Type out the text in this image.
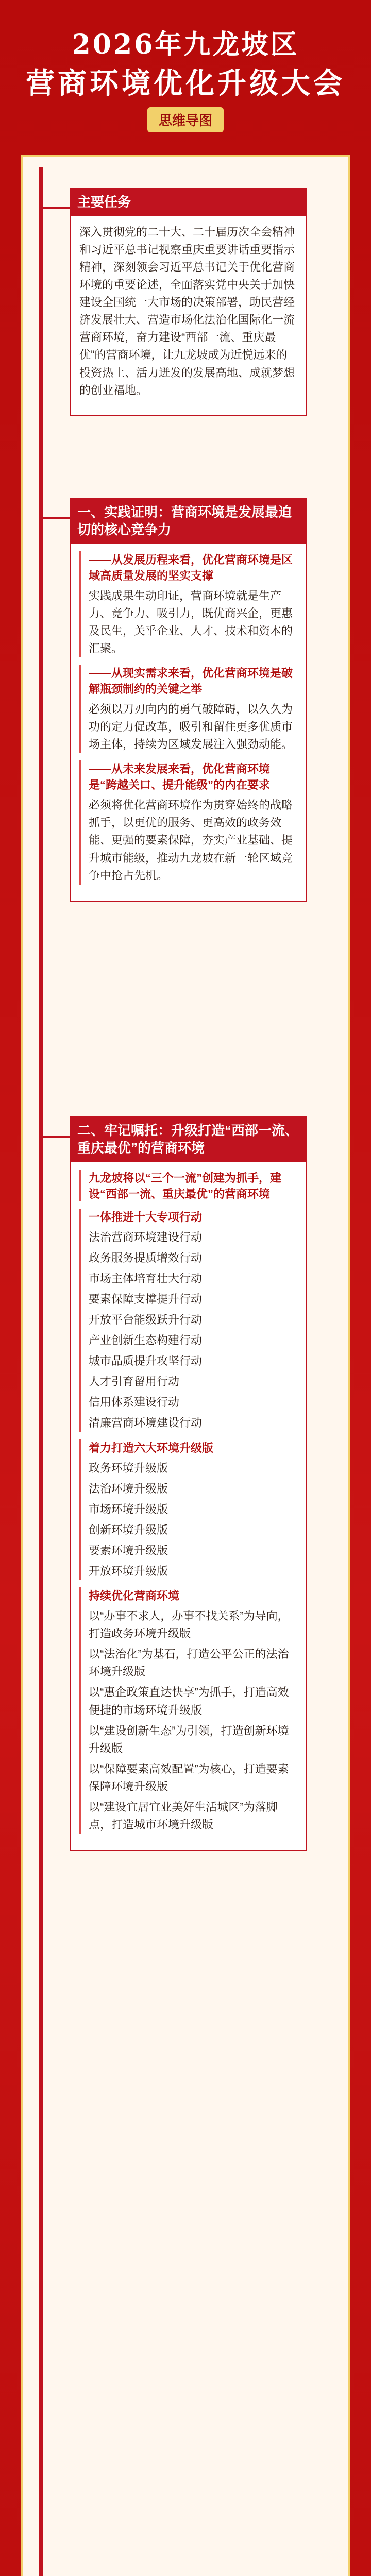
2026年九龙坡区
营商环境优化升级大会
思维导图
主要任务

深入贯彻党的二十大、二十届历次全会精神和习近平总书记视察重庆重要讲话重要指示精神，深刻领会习近平总书记关于优化营商环境的重要论述，全面落实党中央关于加快建设全国统一大市场的决策部署，助民营经济发展壮大、营造市场化法治化国际化一流营商环境，奋力建设“西部一流、重庆最优”的营商环境，让九龙坡成为近悦远来的投资热土、活力迸发的发展高地、成就梦想的创业福地。

一、实践证明：营商环境是发展最迫切的核心竞争力
——从发展历程来看，优化营商环境是区域高质量发展的坚实支撑
实践成果生动印证，营商环境就是生产力、竞争力、吸引力，既优商兴企，更惠及民生，关乎企业、人才、技术和资本的汇聚。
——从现实需求来看，优化营商环境是破解瓶颈制约的关键之举
必须以刀刃向内的勇气破障碍，以久久为功的定力促改革，吸引和留住更多优质市场主体，持续为区域发展注入强劲动能。
——从未来发展来看，优化营商环境是“跨越关口、提升能级”的内在要求
必须将优化营商环境作为贯穿始终的战略抓手，以更优的服务、更高效的政务效能、更强的要素保障，夯实产业基础、提升城市能级，推动九龙坡在新一轮区域竞争中抢占先机。
二、牢记嘱托：升级打造“西部一流、重庆最优”的营商环境
九龙坡将以“三个一流”创建为抓手，建设“西部一流、重庆最优”的营商环境
一体推进十大专项行动
法治营商环境建设行动
政务服务提质增效行动
市场主体培育壮大行动
要素保障支撑提升行动
开放平台能级跃升行动
产业创新生态构建行动
城市品质提升攻坚行动
人才引育留用行动
信用体系建设行动
清廉营商环境建设行动
着力打造六大环境升级版
政务环境升级版
法治环境升级版
市场环境升级版
创新环境升级版
要素环境升级版
开放环境升级版
持续优化营商环境
以“办事不求人，办事不找关系”为导向，打造政务环境升级版
以“法治化”为基石，打造公平公正的法治环境升级版
以“惠企政策直达快享”为抓手，打造高效便捷的市场环境升级版
以“建设创新生态”为引领，打造创新环境升级版
以“保障要素高效配置”为核心，打造要素保障环境升级版
以“建设宜居宜业美好生活城区”为落脚点，打造城市环境升级版
